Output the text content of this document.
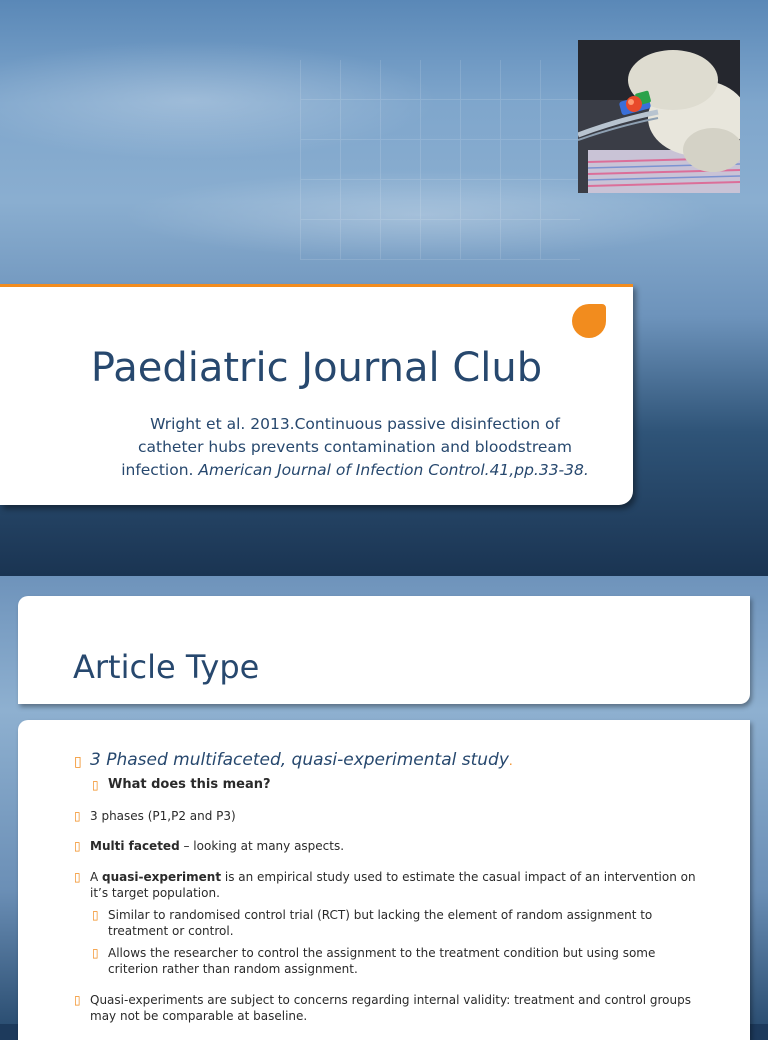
Paediatric Journal Club
Wright et al. 2013.Continuous passive disinfection of catheter hubs prevents contamination and bloodstream infection. American Journal of Infection Control.41,pp.33-38.
Article Type
▯ 3 Phased multifaceted, quasi-experimental study.
▯ What does this mean?
▯ 3 phases (P1,P2 and P3)
▯ Multi faceted – looking at many aspects.
▯ A quasi-experiment is an empirical study used to estimate the casual impact of an intervention on it’s target population.
▯ Similar to randomised control trial (RCT) but lacking the element of random assignment to treatment or control.
▯ Allows the researcher to control the assignment to the treatment condition but using some criterion rather than random assignment.
▯ Quasi-experiments are subject to concerns regarding internal validity: treatment and control groups may not be comparable at baseline.
